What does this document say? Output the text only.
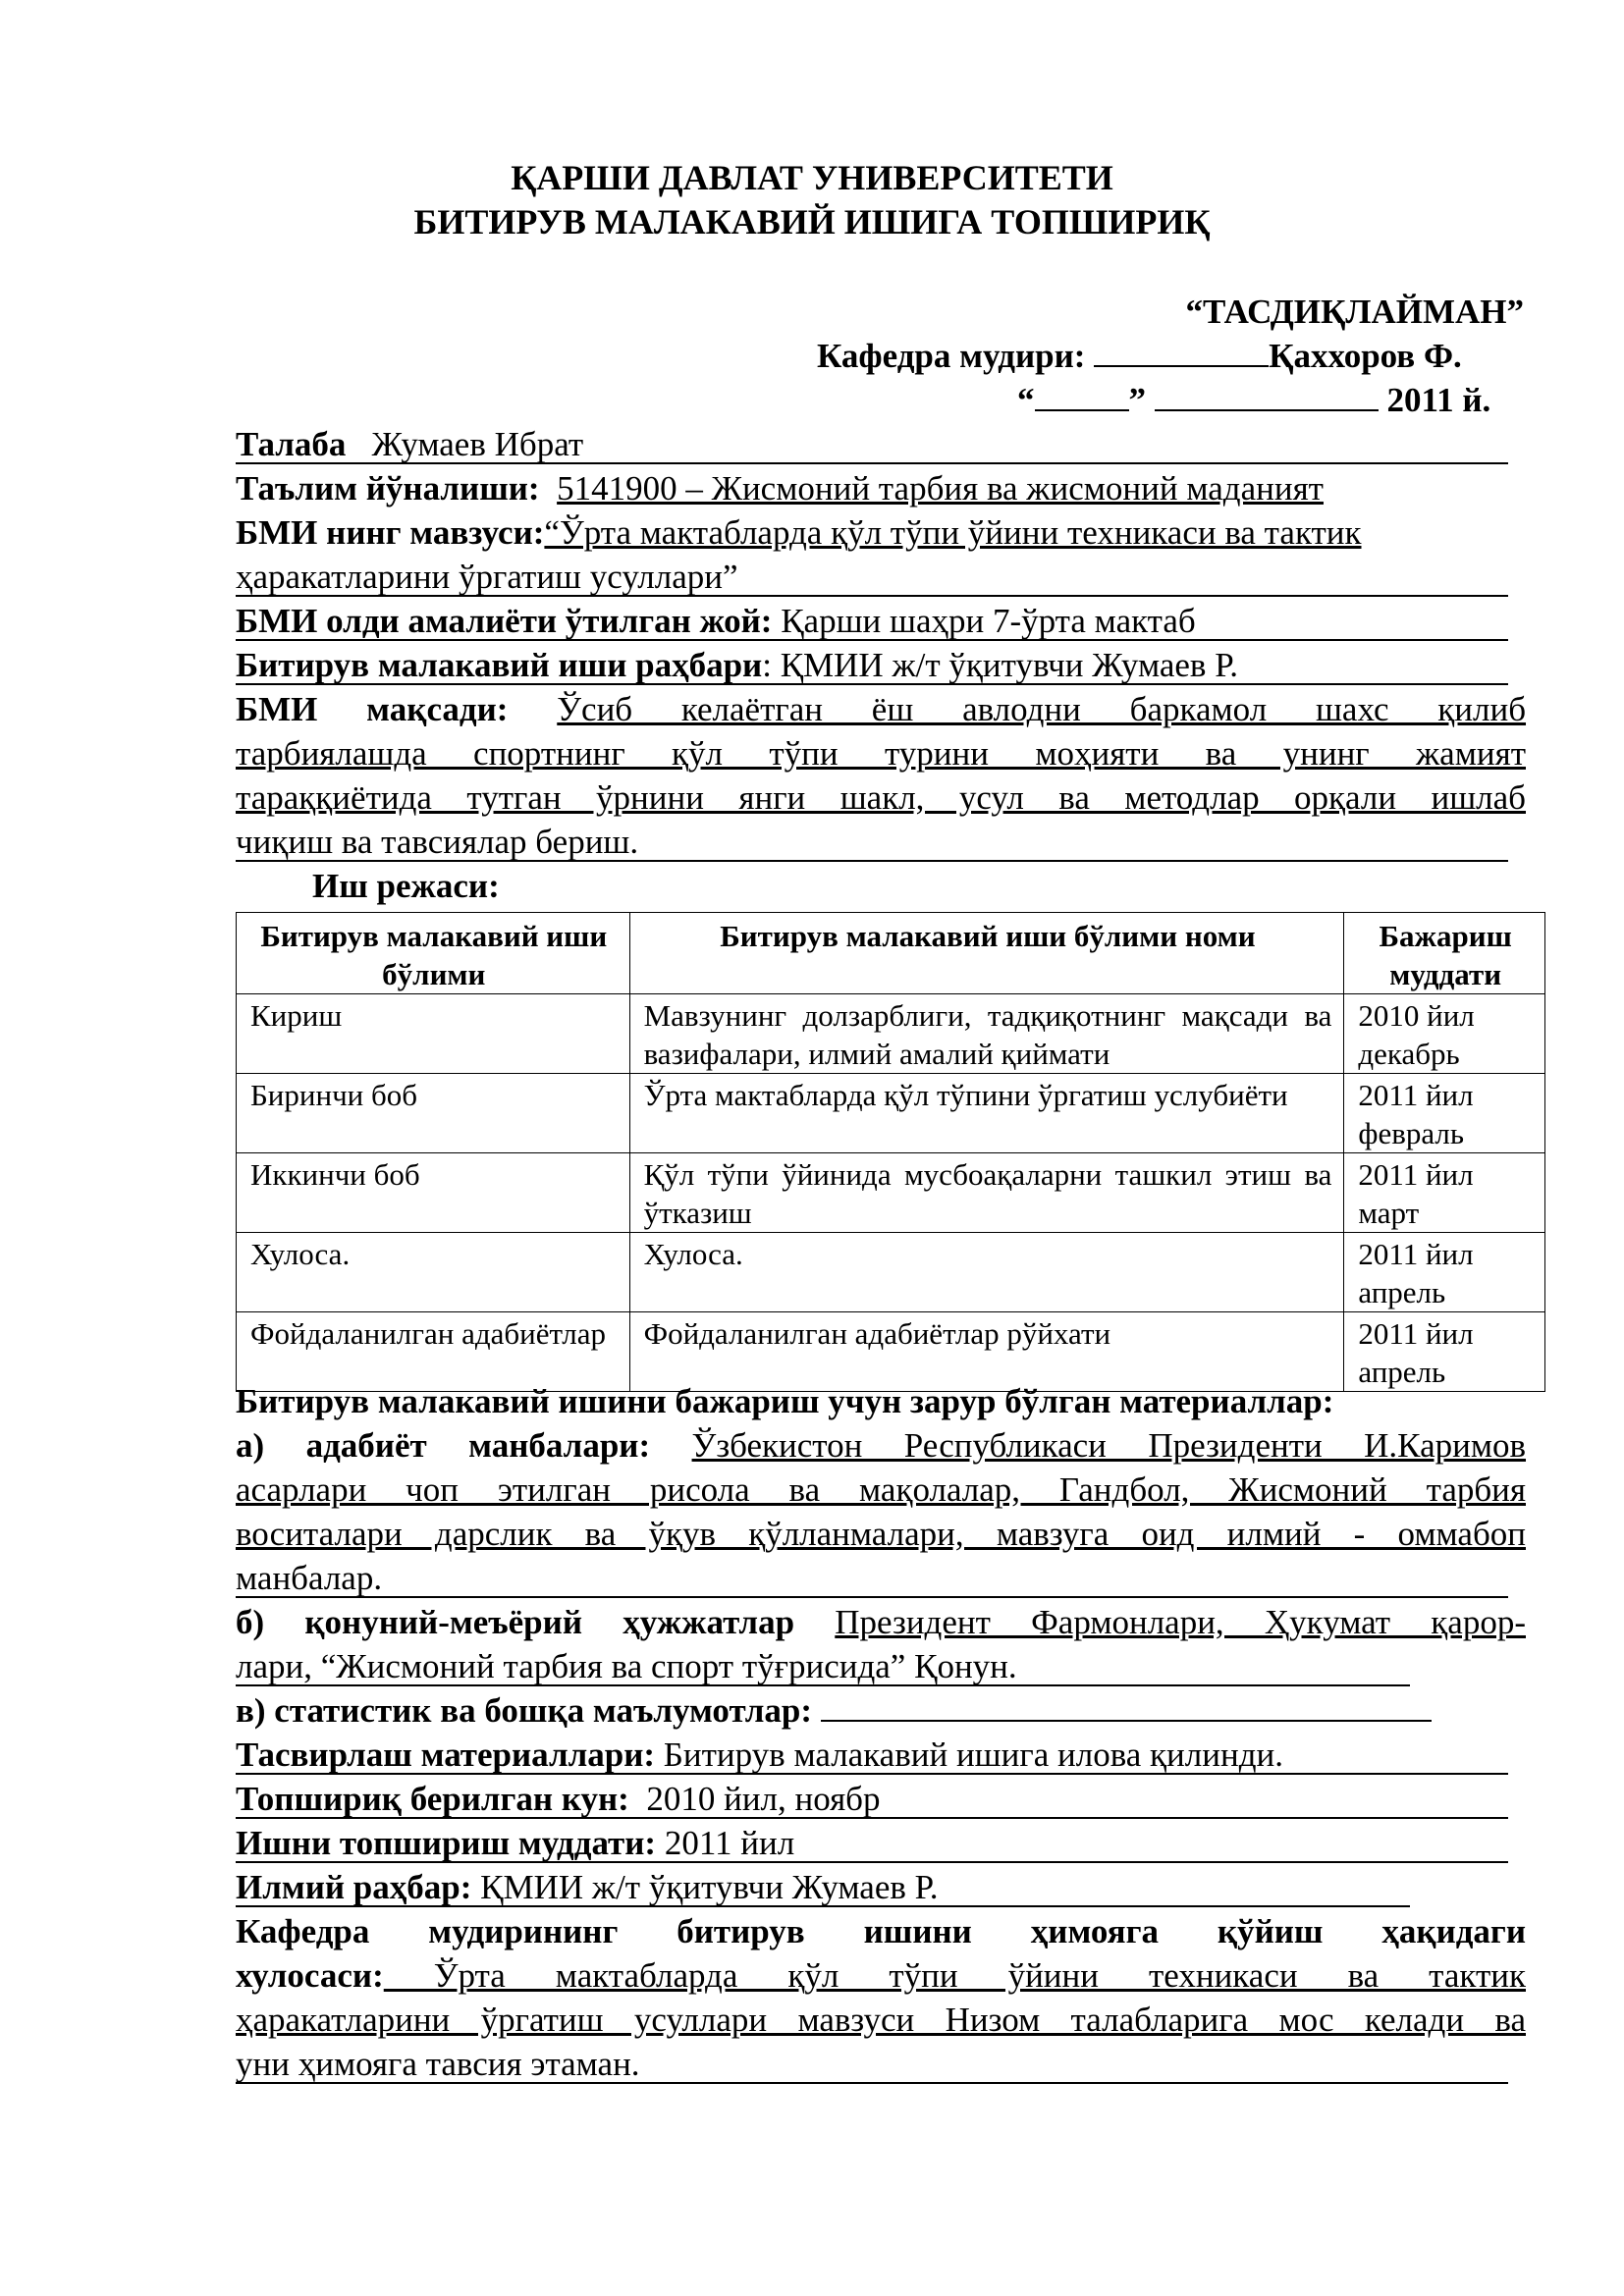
ҚАРШИ ДАВЛАТ УНИВЕРСИТЕТИ
БИТИРУВ МАЛАКАВИЙ ИШИГА ТОПШИРИҚ
“ТАСДИҚЛАЙМАН”
Кафедра мудири:	Қаххоров Ф.
“	”	2011 й.
Талаба Жумаев Ибрат
Таълим йўналиши: 5141900 – Жисмоний тарбия ва жисмоний маданият
БМИ нинг мавзуси:“Ўрта мактабларда қўл тўпи ўйини техникаси ва тактик
ҳаракатларини ўргатиш усуллари”
БМИ олди амалиёти ўтилган жой: Қарши шаҳри 7-ўрта мактаб
Битирув малакавий иши раҳбари: ҚМИИ ж/т ўқитувчи Жумаев Р.
БМИ мақсади: Ўсиб келаётган ёш авлодни баркамол шахс қилиб
тарбиялашда спортнинг қўл тўпи турини моҳияти ва унинг жамият
тараққиётида тутган ўрнини янги шакл, усул ва методлар орқали ишлаб
чиқиш ва тавсиялар бериш.
Иш режаси:
Битирув малакавий иши бўлими	Битирув малакавий иши бўлими номи	Бажариш муддати
Кириш	Мавзунинг долзарблиги, тадқиқотнинг мақсади ва вазифалари, илмий амалий қиймати	2010 йил декабрь
Биринчи боб	Ўрта мактабларда қўл тўпини ўргатиш услубиёти	2011 йил февраль
Иккинчи боб	Қўл тўпи ўйинида мусбоақаларни ташкил этиш ва ўтказиш	2011 йил март
Хулоса.	Хулоса.	2011 йил апрель
Фойдаланилган адабиётлар	Фойдаланилган адабиётлар рўйхати	2011 йил апрель
Битирув малакавий ишини бажариш учун зарур бўлган материаллар:
а) адабиёт манбалари: Ўзбекистон Республикаси Президенти И.Каримов
асарлари чоп этилган рисола ва мақолалар, Гандбол, Жисмоний тарбия
воситалари дарслик ва ўқув қўлланмалари, мавзуга оид илмий - оммабоп
манбалар.
б) қонуний-меъёрий ҳужжатлар Президент Фармонлари, Ҳукумат қарор-
лари, “Жисмоний тарбия ва спорт тўғрисида” Қонун.
в) статистик ва бошқа маълумотлар:
Тасвирлаш материаллари: Битирув малакавий ишига илова қилинди.
Топшириқ берилган кун: 2010 йил, ноябр
Ишни топшириш муддати: 2011 йил
Илмий раҳбар: ҚМИИ ж/т ўқитувчи Жумаев Р.
Кафедра мудирининг битирув ишини ҳимояга қўйиш ҳақидаги
хулосаси: Ўрта мактабларда қўл тўпи ўйини техникаси ва тактик
ҳаракатларини ўргатиш усуллари мавзуси Низом талабларига мос келади ва
уни ҳимояга тавсия этаман.
